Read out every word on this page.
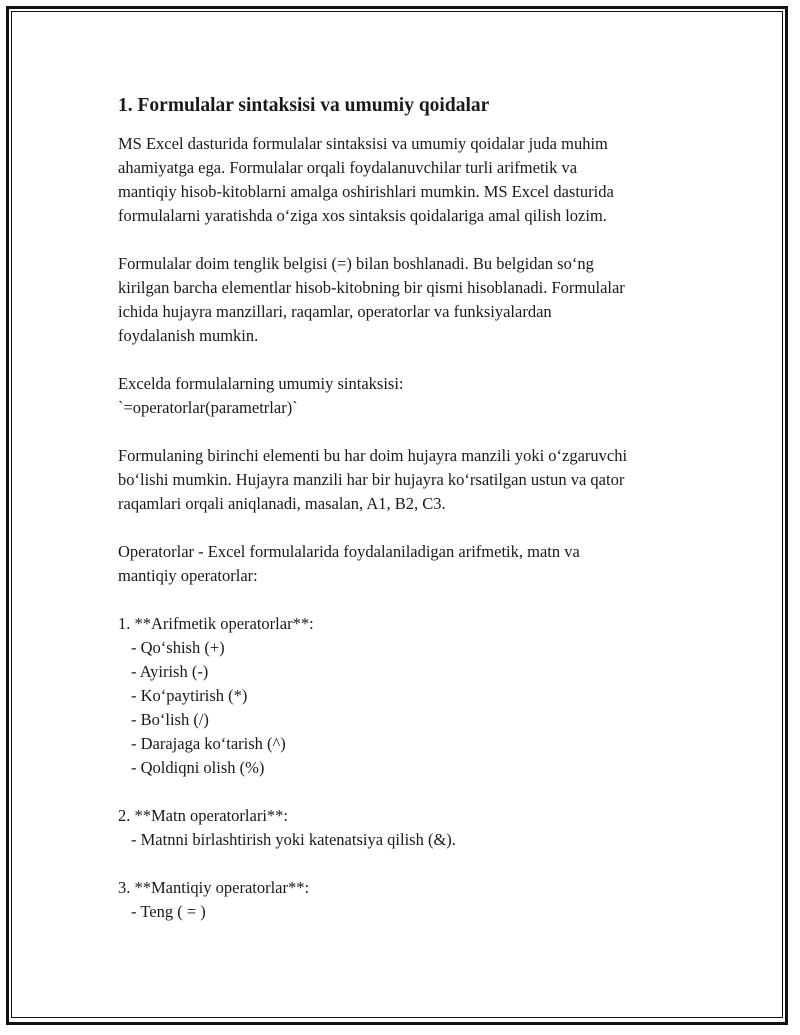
1. Formulalar sintaksisi va umumiy qoidalar
MS Excel dasturida formulalar sintaksisi va umumiy qoidalar juda muhim
ahamiyatga ega. Formulalar orqali foydalanuvchilar turli arifmetik va
mantiqiy hisob-kitoblarni amalga oshirishlari mumkin. MS Excel dasturida
formulalarni yaratishda o‘ziga xos sintaksis qoidalariga amal qilish lozim.
Formulalar doim tenglik belgisi (=) bilan boshlanadi. Bu belgidan so‘ng
kirilgan barcha elementlar hisob-kitobning bir qismi hisoblanadi. Formulalar
ichida hujayra manzillari, raqamlar, operatorlar va funksiyalardan
foydalanish mumkin.
Excelda formulalarning umumiy sintaksisi:
`=operatorlar(parametrlar)`
Formulaning birinchi elementi bu har doim hujayra manzili yoki o‘zgaruvchi
bo‘lishi mumkin. Hujayra manzili har bir hujayra ko‘rsatilgan ustun va qator
raqamlari orqali aniqlanadi, masalan, A1, B2, C3.
Operatorlar - Excel formulalarida foydalaniladigan arifmetik, matn va
mantiqiy operatorlar:
1. **Arifmetik operatorlar**:
- Qo‘shish (+)
- Ayirish (-)
- Ko‘paytirish (*)
- Bo‘lish (/)
- Darajaga ko‘tarish (^)
- Qoldiqni olish (%)
2. **Matn operatorlari**:
- Matnni birlashtirish yoki katenatsiya qilish (&).
3. **Mantiqiy operatorlar**:
- Teng ( = )
